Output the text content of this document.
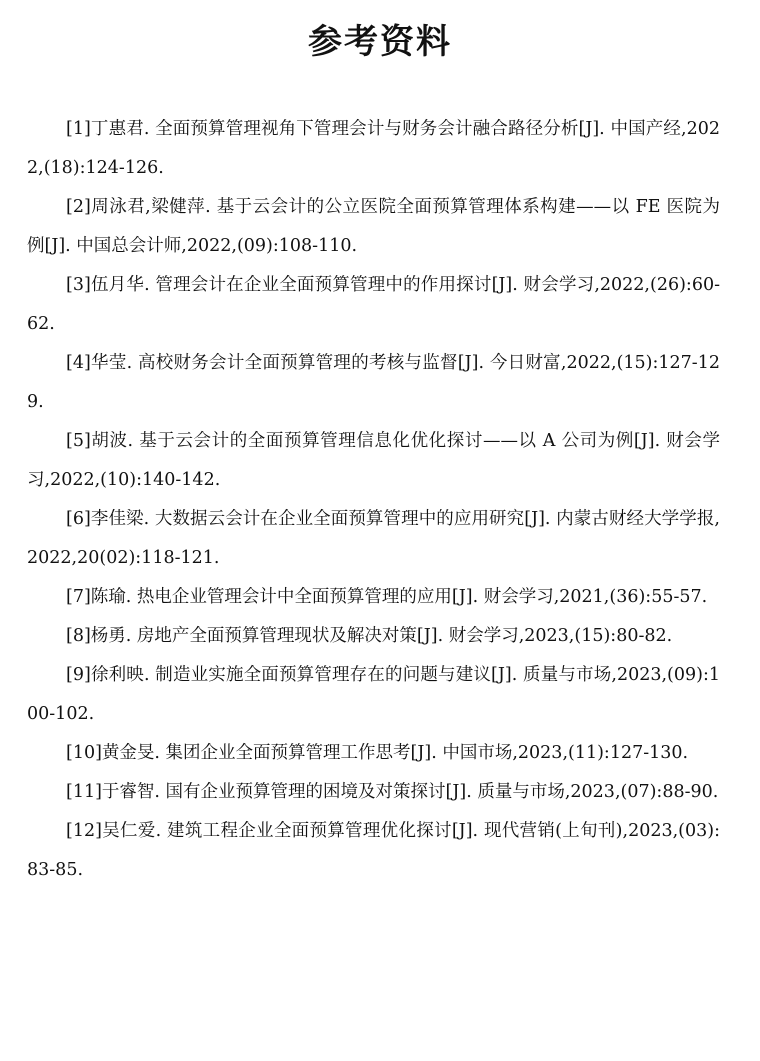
参考资料
[1]丁惠君. 全面预算管理视角下管理会计与财务会计融合路径分析[J]. 中国产经,2022,(18):124-126.
[2]周泳君,梁健萍. 基于云会计的公立医院全面预算管理体系构建——以 FE 医院为例[J]. 中国总会计师,2022,(09):108-110.
[3]伍月华. 管理会计在企业全面预算管理中的作用探讨[J]. 财会学习,2022,(26):60-62.
[4]华莹. 高校财务会计全面预算管理的考核与监督[J]. 今日财富,2022,(15):127-129.
[5]胡波. 基于云会计的全面预算管理信息化优化探讨——以 A 公司为例[J]. 财会学习,2022,(10):140-142.
[6]李佳梁. 大数据云会计在企业全面预算管理中的应用研究[J]. 内蒙古财经大学学报,2022,20(02):118-121.
[7]陈瑜. 热电企业管理会计中全面预算管理的应用[J]. 财会学习,2021,(36):55-57.
[8]杨勇. 房地产全面预算管理现状及解决对策[J]. 财会学习,2023,(15):80-82.
[9]徐利映. 制造业实施全面预算管理存在的问题与建议[J]. 质量与市场,2023,(09):100-102.
[10]黄金旻. 集团企业全面预算管理工作思考[J]. 中国市场,2023,(11):127-130.
[11]于睿智. 国有企业预算管理的困境及对策探讨[J]. 质量与市场,2023,(07):88-90.
[12]吴仁爱. 建筑工程企业全面预算管理优化探讨[J]. 现代营销(上旬刊),2023,(03):83-85.
